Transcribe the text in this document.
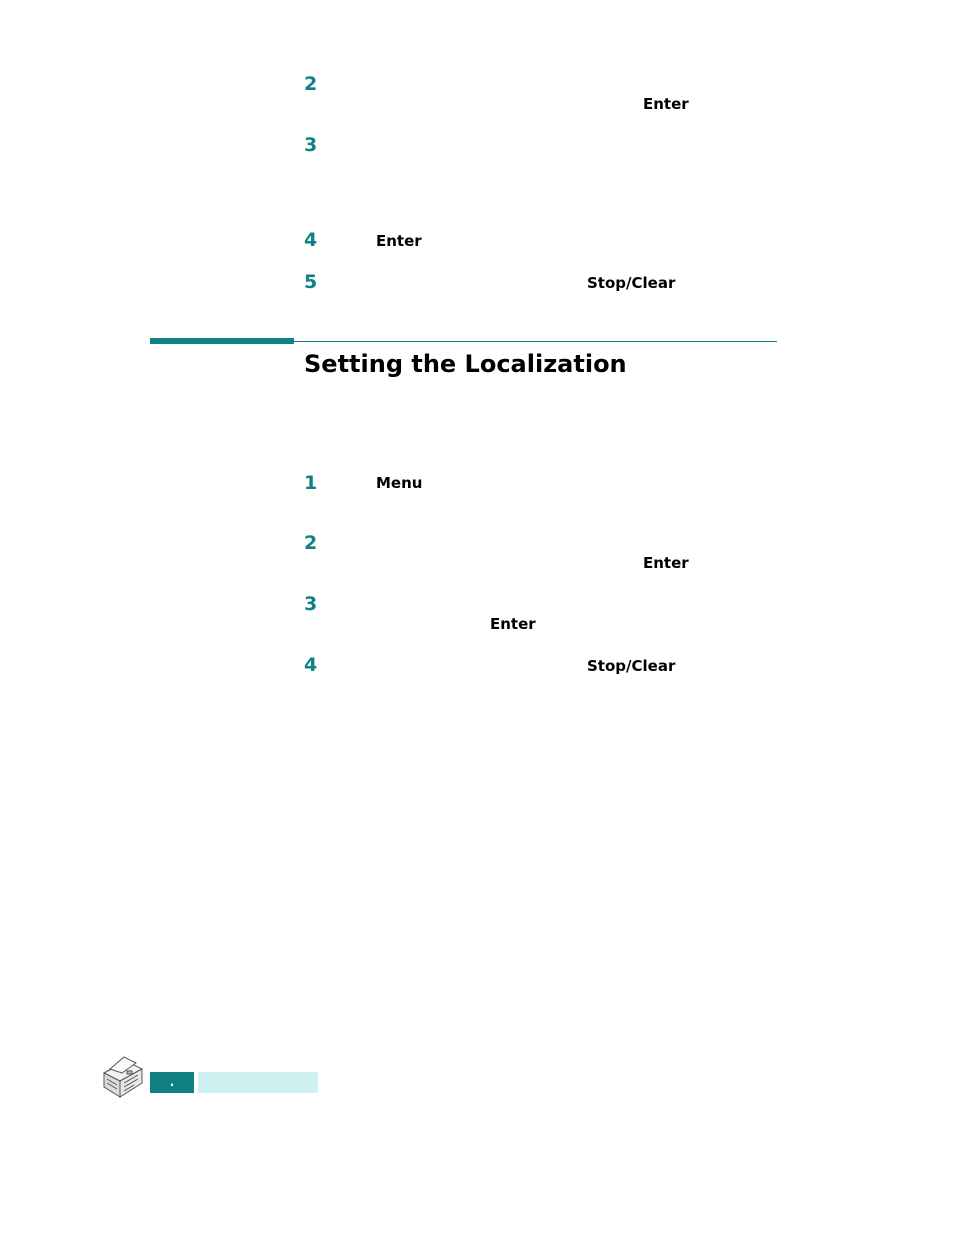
2
Enter
3
4	Enter
5	Stop/Clear
Setting the Localization
1	Menu
2
Enter
3
Enter
4	Stop/Clear
.
